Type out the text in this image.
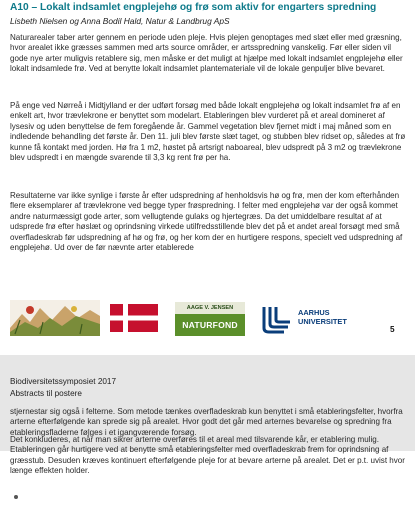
A10 – Lokalt indsamlet engplejehø og frø som aktiv for engarters spredning
Lisbeth Nielsen og Anna Bodil Hald, Natur & Landbrug ApS

Naturarealer taber arter gennem en periode uden pleje. Hvis plejen genoptages med slæt eller med græsning, hvor arealet ikke græsses sammen med arts source områder, er artsspredning vanskelig. Før eller siden vil gode nye arter muligvis retablere sig, men måske er det muligt at hjælpe med lokalt indsamlet engplejehø eller lokalt indsamlede frø. Ved at benytte lokalt indsamlet plantemateriale vil de lokale genpuljer blive bevaret.

På enge ved Nørreå i Midtjylland er der udført forsøg med både lokalt engplejehø og lokalt indsamlet frø af en enkelt art, hvor trævlekrone er benyttet som modelart. Etableringen blev vurderet på et areal domineret af lysesiv og uden benyttelse de fem foregående år. Gammel vegetation blev fjernet midt i maj måned som en indledende behandling det første år. Den 11. juli blev første slæt taget, og stubben blev ridset op, således at frø kunne få kontakt med jorden. Hø fra 1 m2, høstet på artsrigt naboareal, blev udspredt på 3 m2 og trævlekrone blev udspredt i en mængde svarende til 3,3 kg rent frø per ha.

Resultaterne var ikke synlige i første år efter udspredning af henholdsvis hø og frø, men der kom efterhånden flere eksemplarer af trævlekrone ved begge typer frøspredning. I felter med engplejehø var der også kommet andre naturmæssigt gode arter, som vellugtende gulaks og hjertegræs. Da det umiddelbare resultat af at udsprede frø efter høslæt og oprindsning virkede utilfredsstillende blev det på et andet areal forsøgt med små overfladeskrab før udspredning af hø og frø, og her kom der en hurtigere respons, specielt ved udspredning af engplejehø. Ud over de før nævnte arter etablerede

AAGE V. JENSEN
NATURFOND
AARHUS
UNIVERSITET
5
Biodiversitetssymposiet 2017
Abstracts til postere

stjernestar sig også i felterne. Som metode tænkes overfladeskrab kun benyttet i små etableringsfelter, hvorfra arterne efterfølgende kan sprede sig på arealet. Hvor godt det går med arternes bevarelse og spredning fra etableringsfladerne følges i et igangværende forsøg.

Det konkluderes, at når man sikrer arterne overføres til et areal med tilsvarende kår, er etablering mulig. Etableringen går hurtigere ved at benytte små etableringsfelter med overfladeskrab frem for oprindsning af græsstub. Desuden kræves kontinuert efterfølgende pleje for at bevare arterne på arealet. Det er p.t. uvist hvor længe effekten holder.
